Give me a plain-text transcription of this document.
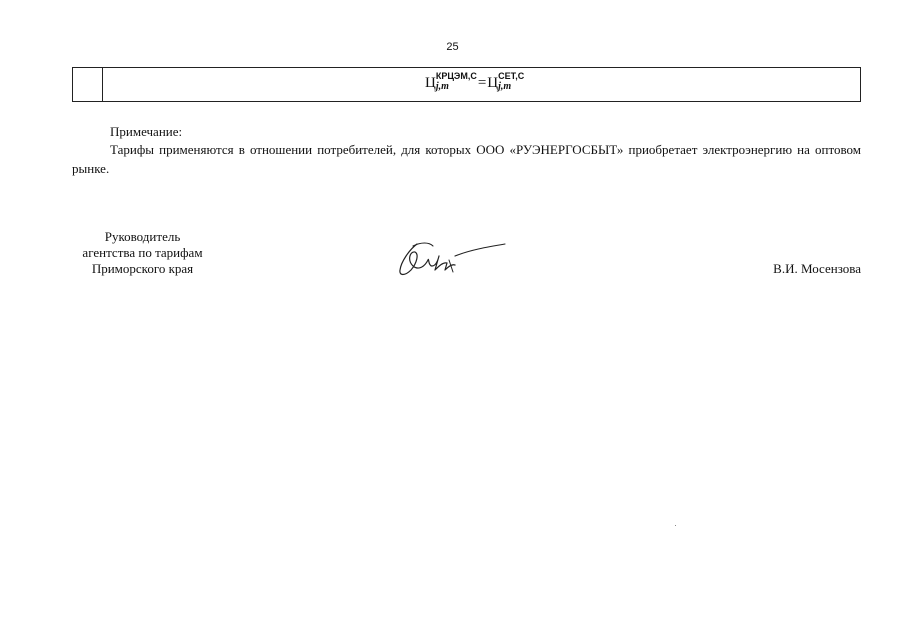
25
Ц КРЦЭМ,С
j,m	=Ц СЕТ,С
j,m
Примечание:
Тарифы применяются в отношении потребителей, для которых ООО «РУЭНЕРГОСБЫТ» приобретает электроэнергию на оптовом рынке.
Руководитель
агентства по тарифам
Приморского края	В.И. Мосензова
